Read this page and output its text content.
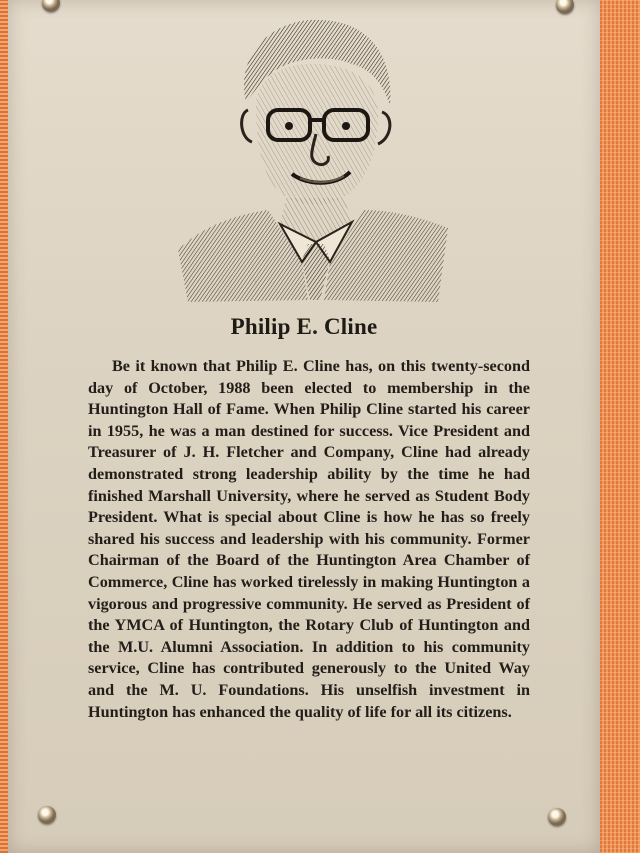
Philip E. Cline

Be it known that Philip E. Cline has, on this twenty-second day of October, 1988 been elected to membership in the Huntington Hall of Fame. When Philip Cline started his career in 1955, he was a man destined for success. Vice President and Treasurer of J. H. Fletcher and Company, Cline had already demonstrated strong leadership ability by the time he had finished Marshall University, where he served as Student Body President. What is special about Cline is how he has so freely shared his success and leadership with his community. Former Chairman of the Board of the Huntington Area Chamber of Commerce, Cline has worked tirelessly in making Huntington a vigorous and progressive community. He served as President of the YMCA of Huntington, the Rotary Club of Huntington and the M.U. Alumni Association. In addition to his community service, Cline has contributed generously to the United Way and the M. U. Foundations. His unselfish investment in Huntington has enhanced the quality of life for all its citizens.
